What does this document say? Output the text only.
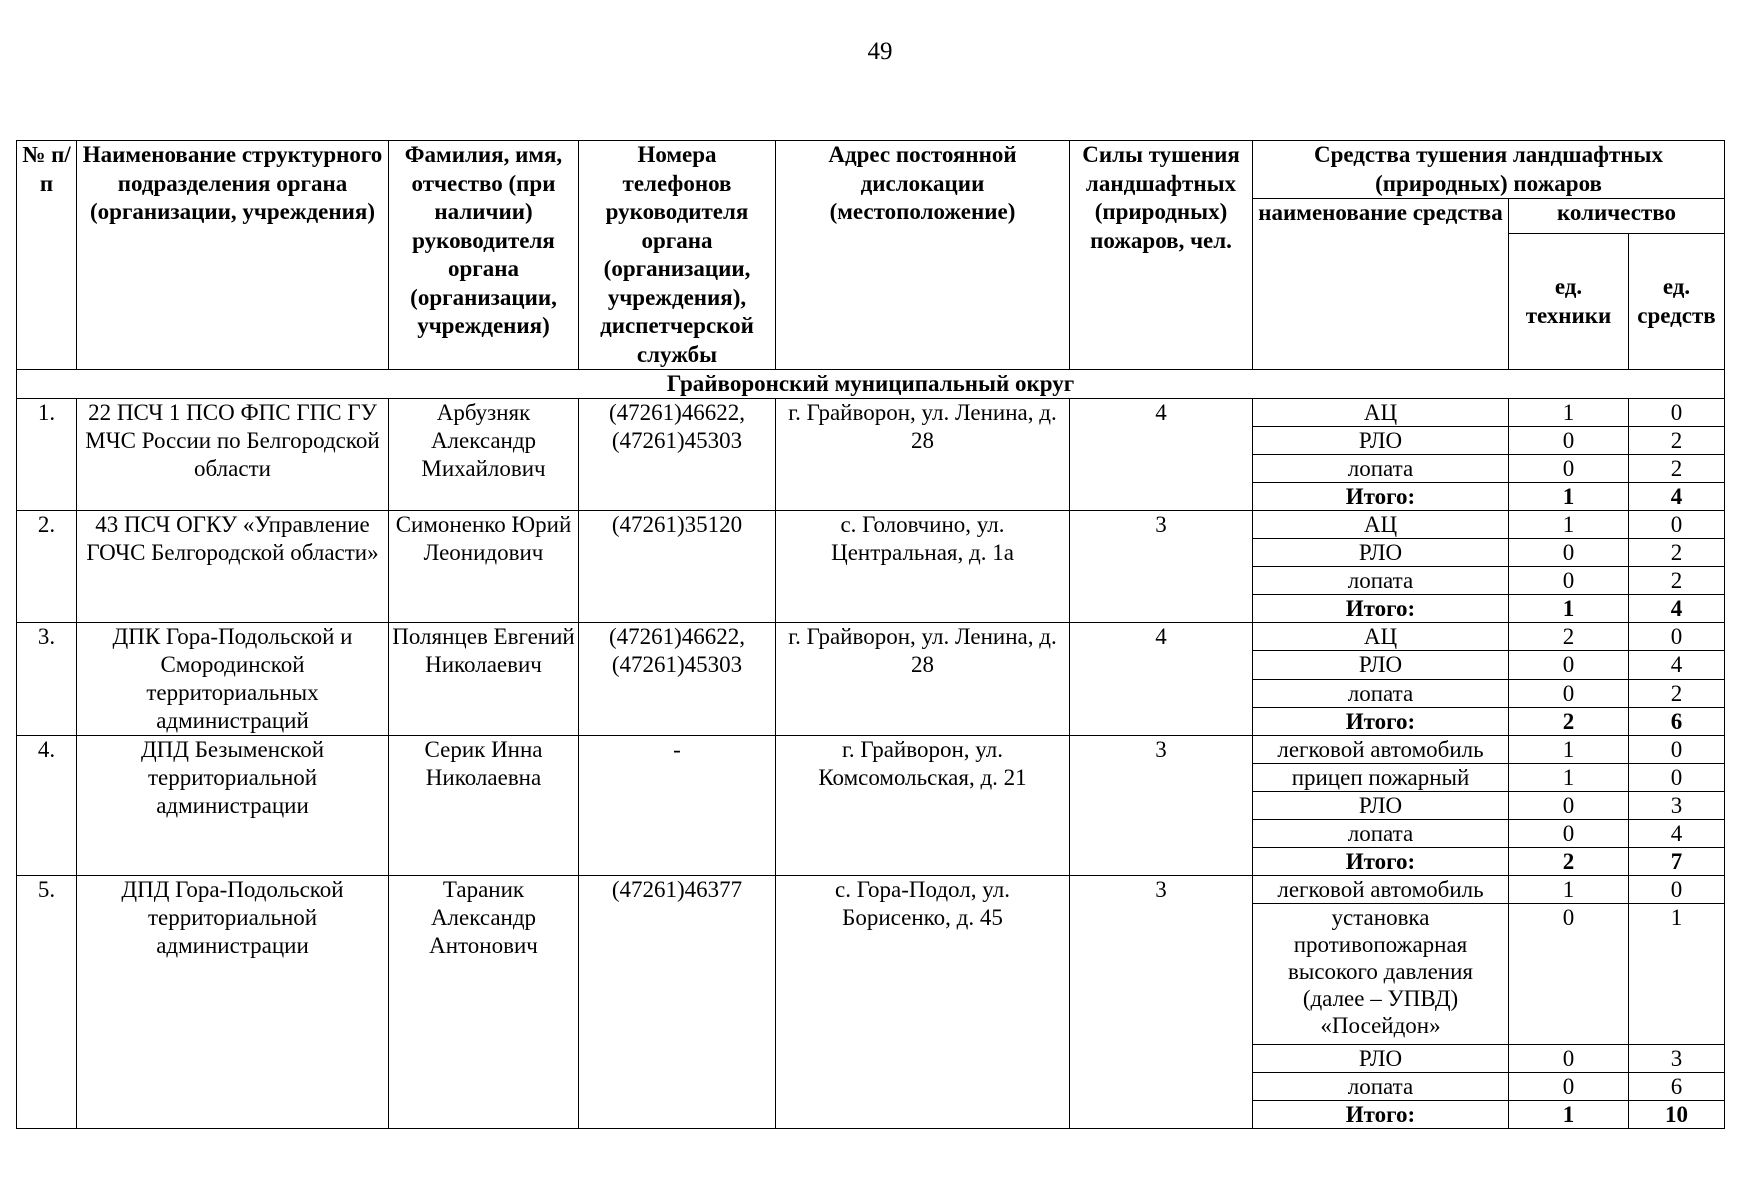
49
№ п/п	Наименование структурного подразделения органа (организации, учреждения)	Фамилия, имя, отчество (при наличии) руководителя органа (организации, учреждения)	Номера телефонов руководителя органа (организации, учреждения), диспетчерской службы	Адрес постоянной дислокации (местоположение)	Силы тушения ландшафтных (природных) пожаров, чел.	Средства тушения ландшафтных (природных) пожаров		
						наименование средства	количество	
							ед. техники	ед. средств
Грайворонский муниципальный округ								
1.	22 ПСЧ 1 ПСО ФПС ГПС ГУ МЧС России по Белгородской области	Арбузняк Александр Михайлович	(47261)46622, (47261)45303	г. Грайворон, ул. Ленина, д. 28	4	АЦ	1	0
						РЛО	0	2
						лопата	0	2
						Итого:	1	4
2.	43 ПСЧ ОГКУ «Управление ГОЧС Белгородской области»	Симоненко Юрий Леонидович	(47261)35120	с. Головчино, ул. Центральная, д. 1а	3	АЦ	1	0
						РЛО	0	2
						лопата	0	2
						Итого:	1	4
3.	ДПК Гора-Подольской и Смородинской территориальных администраций	Полянцев Евгений Николаевич	(47261)46622, (47261)45303	г. Грайворон, ул. Ленина, д. 28	4	АЦ	2	0
						РЛО	0	4
						лопата	0	2
						Итого:	2	6
4.	ДПД Безыменской территориальной администрации	Серик Инна Николаевна	-	г. Грайворон, ул. Комсомольская, д. 21	3	легковой автомобиль	1	0
						прицеп пожарный	1	0
						РЛО	0	3
						лопата	0	4
						Итого:	2	7
5.	ДПД Гора-Подольской территориальной администрации	Тараник Александр Антонович	(47261)46377	с. Гора-Подол, ул. Борисенко, д. 45	3	легковой автомобиль	1	0
						установка противопожарная высокого давления (далее – УПВД) «Посейдон»	0	1
						РЛО	0	3
						лопата	0	6
						Итого:	1	10
